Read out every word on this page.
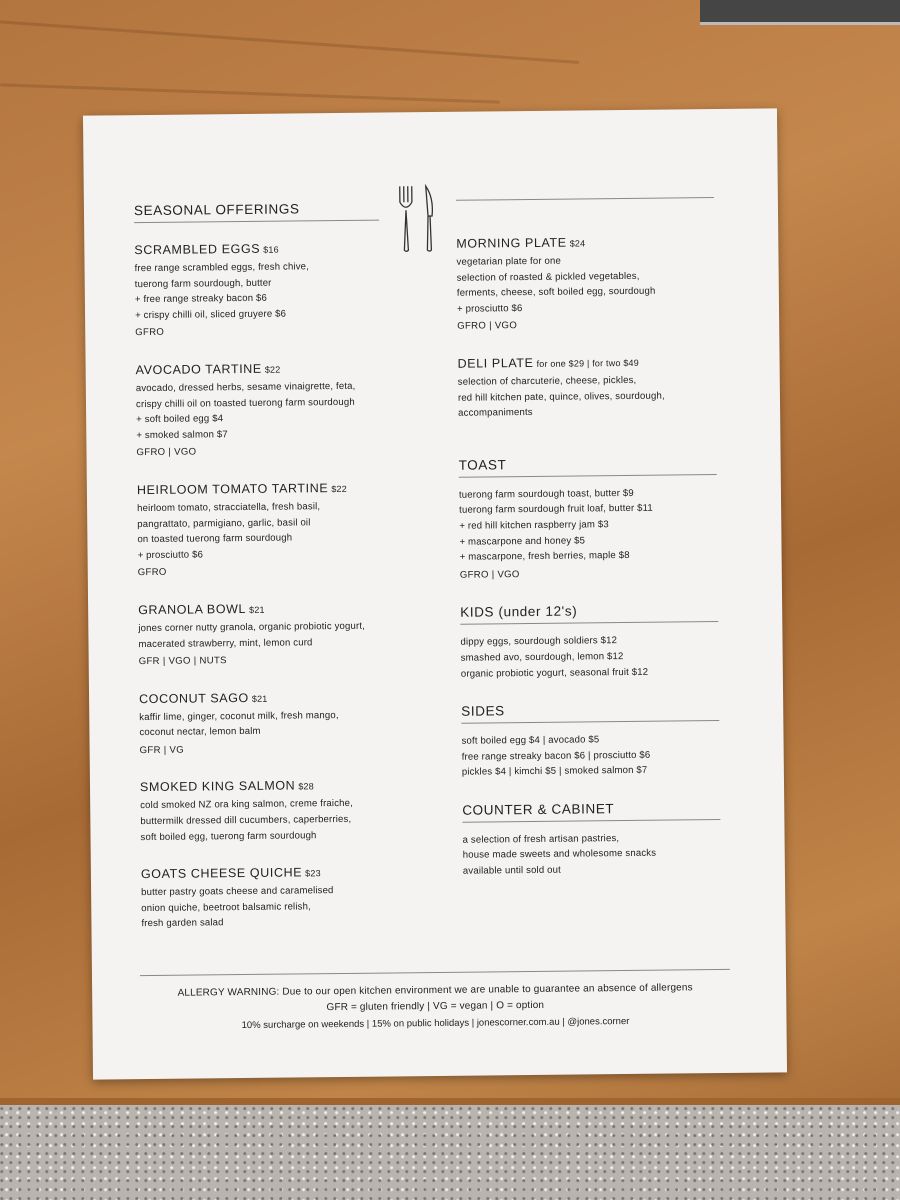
SEASONAL OFFERINGS
SCRAMBLED EGGS $16
free range scrambled eggs, fresh chive,
tuerong farm sourdough, butter
+ free range streaky bacon $6
+ crispy chilli oil, sliced gruyere $6
GFRO
AVOCADO TARTINE $22
avocado, dressed herbs, sesame vinaigrette, feta,
crispy chilli oil on toasted tuerong farm sourdough
+ soft boiled egg $4
+ smoked salmon $7
GFRO | VGO
HEIRLOOM TOMATO TARTINE $22
heirloom tomato, stracciatella, fresh basil,
pangrattato, parmigiano, garlic, basil oil
on toasted tuerong farm sourdough
+ prosciutto $6
GFRO
GRANOLA BOWL $21
jones corner nutty granola, organic probiotic yogurt,
macerated strawberry, mint, lemon curd
GFR | VGO | NUTS
COCONUT SAGO $21
kaffir lime, ginger, coconut milk, fresh mango,
coconut nectar, lemon balm
GFR | VG
SMOKED KING SALMON $28
cold smoked NZ ora king salmon, creme fraiche,
buttermilk dressed dill cucumbers, caperberries,
soft boiled egg, tuerong farm sourdough
GOATS CHEESE QUICHE $23
butter pastry goats cheese and caramelised
onion quiche, beetroot balsamic relish,
fresh garden salad
MORNING PLATE $24
vegetarian plate for one
selection of roasted & pickled vegetables,
ferments, cheese, soft boiled egg, sourdough
+ prosciutto $6
GFRO | VGO
DELI PLATE for one $29 | for two $49
selection of charcuterie, cheese, pickles,
red hill kitchen pate, quince, olives, sourdough,
accompaniments
TOAST
tuerong farm sourdough toast, butter $9
tuerong farm sourdough fruit loaf, butter $11
+ red hill kitchen raspberry jam $3
+ mascarpone and honey $5
+ mascarpone, fresh berries, maple $8
GFRO | VGO
KIDS (under 12's)
dippy eggs, sourdough soldiers $12
smashed avo, sourdough, lemon $12
organic probiotic yogurt, seasonal fruit $12
SIDES
soft boiled egg $4 | avocado $5
free range streaky bacon $6 | prosciutto $6
pickles $4 | kimchi $5 | smoked salmon $7
COUNTER & CABINET
a selection of fresh artisan pastries,
house made sweets and wholesome snacks
available until sold out
ALLERGY WARNING: Due to our open kitchen environment we are unable to guarantee an absence of allergens
GFR = gluten friendly | VG = vegan | O = option
10% surcharge on weekends | 15% on public holidays | jonescorner.com.au | @jones.corner
